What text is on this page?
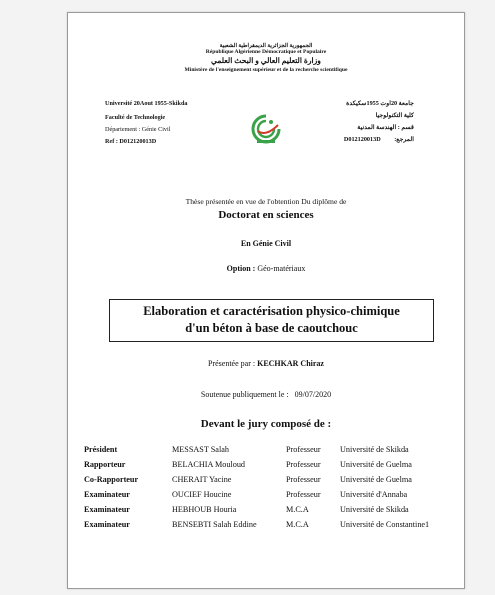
الجمهورية الجزائرية الديمقراطية الشعبية
République Algérienne Démocratique et Populaire
وزارة التعليم العالي و البحث العلمي
Ministère de l'enseignement supérieur et de la recherche scientifique
Université 20Aout 1955-Skikda
Faculté de Technologie
Département : Génie Civil
Ref : D012120013D
جامعة 20اوت 1955سكيكدة
كلية التكنولوجيا
قسم : الهندسة المدنية
المرجع: D012120013D
Thèse présentée en vue de l'obtention Du diplôme de
Doctorat en sciences
En Génie Civil
Option : Géo-matériaux
Elaboration et caractérisation physico-chimique
d'un béton à base de caoutchouc
Présentée par : KECHKAR Chiraz
Soutenue publiquement le : 09/07/2020
Devant le jury composé de :
Président	MESSAST Salah	Professeur Université de Skikda
Rapporteur	BELACHIA Mouloud	Professeur Université de Guelma
Co-Rapporteur	CHERAIT Yacine	Professeur Université de Guelma
Examinateur	OUCIEF Houcine	Professeur Université d'Annaba
Examinateur	HEBHOUB Houria	M.C.A	Université de Skikda
Examinateur	BENSEBTI Salah Eddine	M.C.A	Université de Constantine1
